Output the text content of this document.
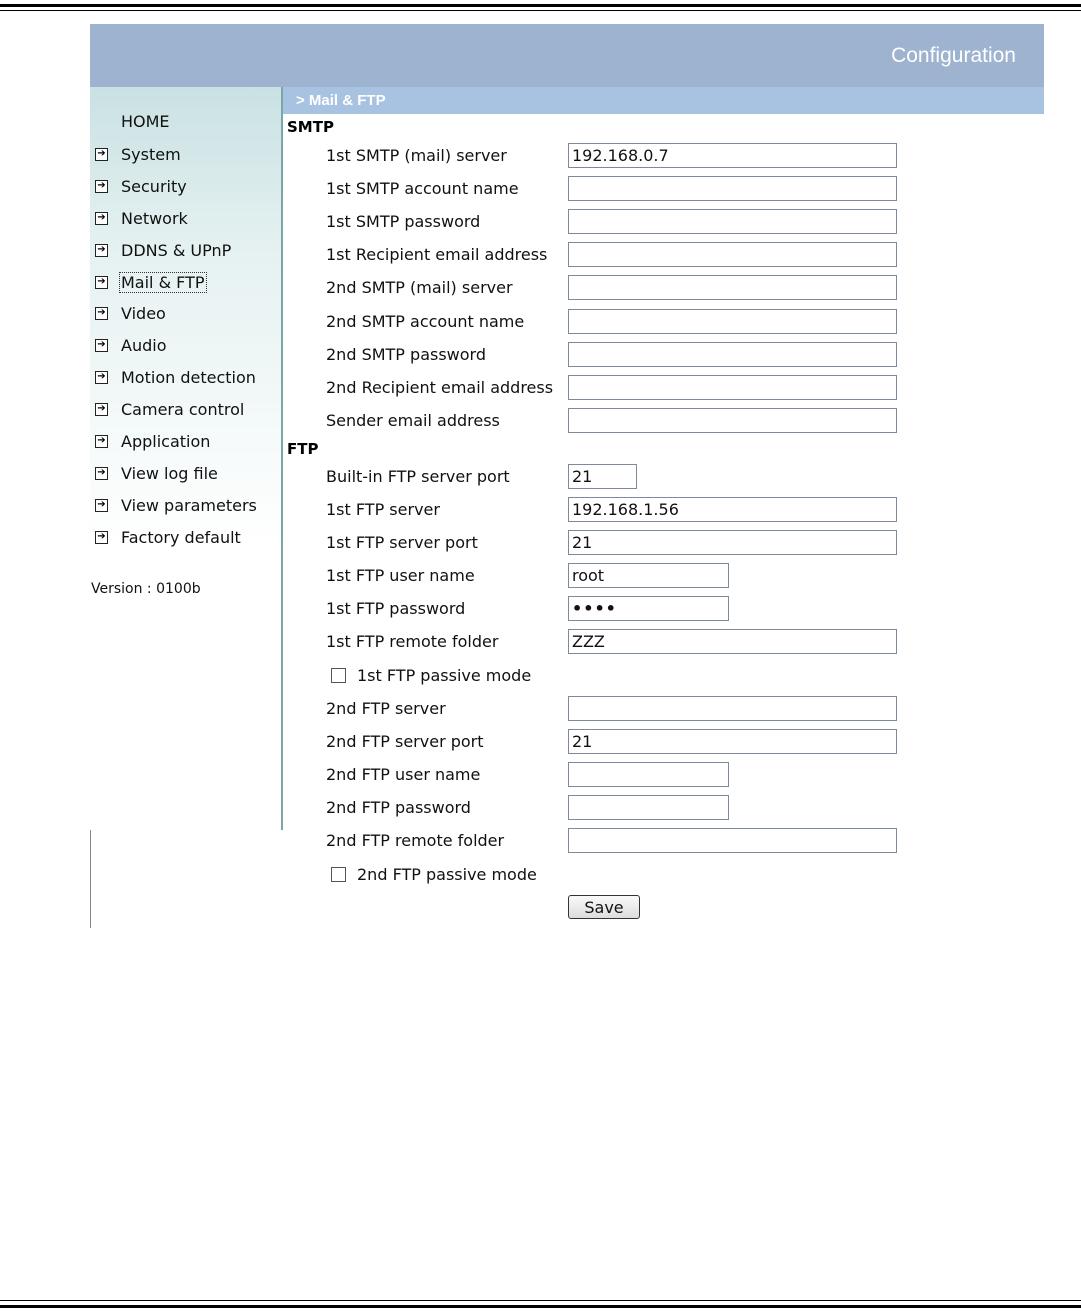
Configuration
HOME
➔ System
➔ Security
➔ Network
➔ DDNS & UPnP
➔ Mail & FTP
➔ Video
➔ Audio
➔ Motion detection
➔ Camera control
➔ Application
➔ View log file
➔ View parameters
➔ Factory default
Version : 0100b
> Mail & FTP
SMTP
1st SMTP (mail) server
192.168.0.7
1st SMTP account name
1st SMTP password
1st Recipient email address
2nd SMTP (mail) server
2nd SMTP account name
2nd SMTP password
2nd Recipient email address
Sender email address
FTP
Built-in FTP server port
21
1st FTP server
192.168.1.56
1st FTP server port
21
1st FTP user name
root
1st FTP password
••••
1st FTP remote folder
ZZZ
1st FTP passive mode
2nd FTP server
2nd FTP server port
21
2nd FTP user name
2nd FTP password
2nd FTP remote folder
2nd FTP passive mode
Save
